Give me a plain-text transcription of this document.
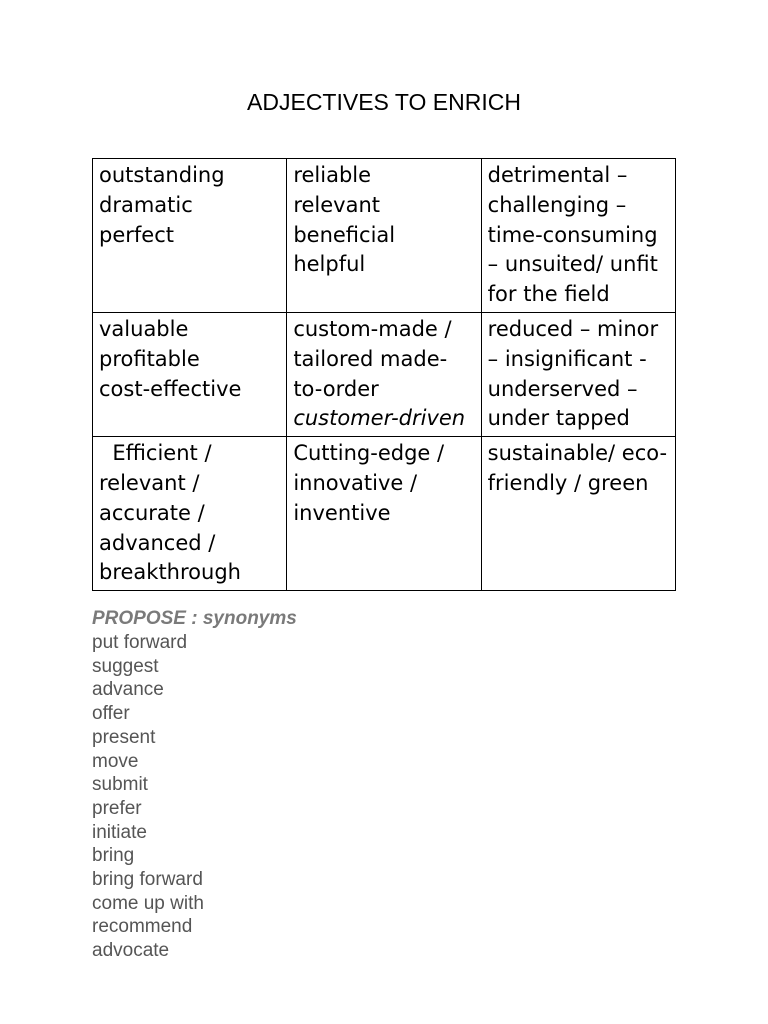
ADJECTIVES TO ENRICH
outstanding
dramatic
perfect	reliable
relevant
beneficial
helpful	detrimental –
challenging –
time-consuming
– unsuited/ unfit
for the field

valuable
profitable
cost-effective	custom-made /
tailored made-
to-order
customer-driven	reduced – minor
– insignificant -
underserved –
under tapped

Efficient /
relevant /
accurate /
advanced /
breakthrough	Cutting-edge /
innovative /
inventive	sustainable/ eco-
friendly / green
PROPOSE : synonyms
put forward
suggest
advance
offer
present
move
submit
prefer
initiate
bring
bring forward
come up with
recommend
advocate
